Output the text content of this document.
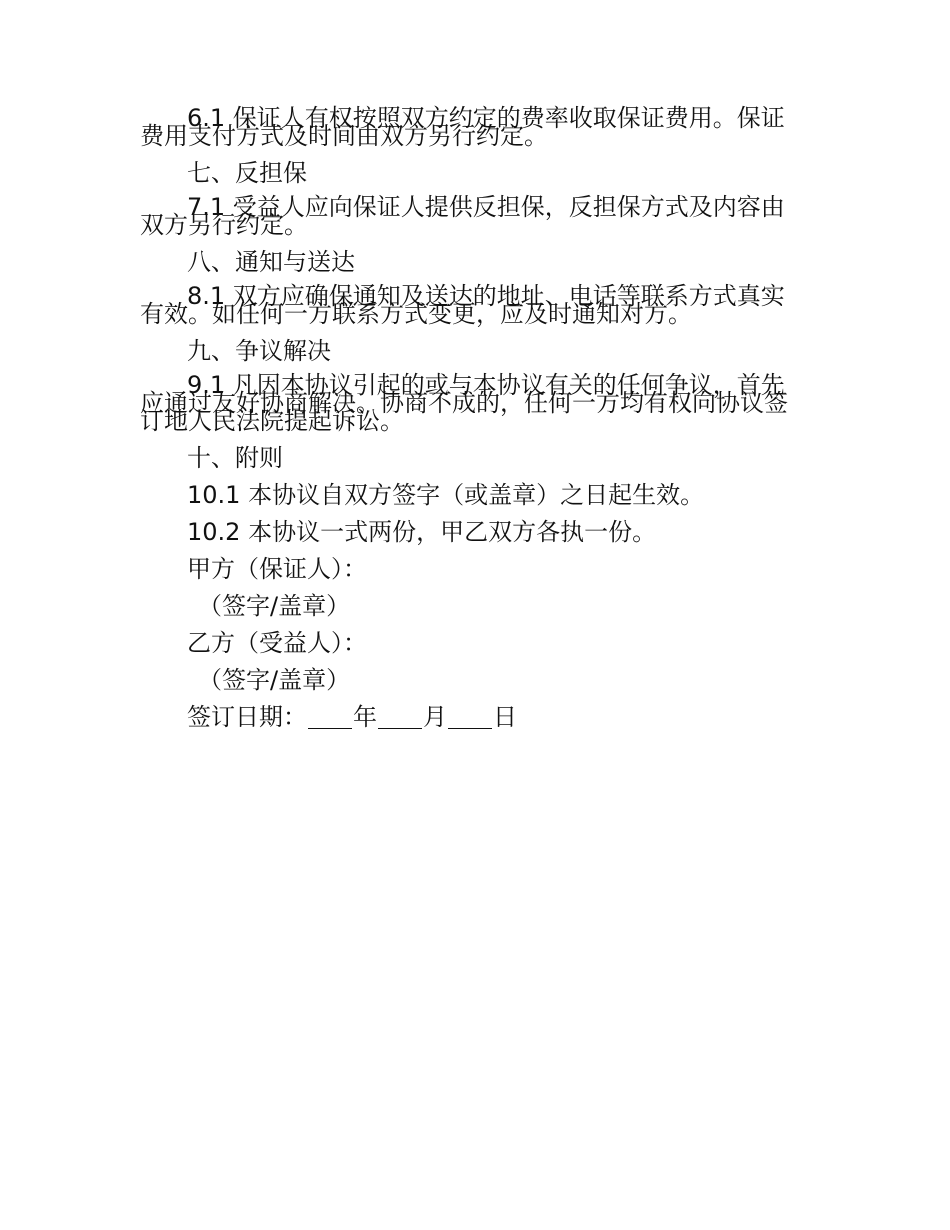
6.1 保证人有权按照双方约定的费率收取保证费用。保证费用支付方式及时间由双方另行约定。

七、反担保

7.1 受益人应向保证人提供反担保，反担保方式及内容由双方另行约定。

八、通知与送达

8.1 双方应确保通知及送达的地址、电话等联系方式真实有效。如任何一方联系方式变更，应及时通知对方。

九、争议解决

9.1 凡因本协议引起的或与本协议有关的任何争议，首先应通过友好协商解决。协商不成的，任何一方均有权向协议签订地人民法院提起诉讼。

十、附则
10.1 本协议自双方签字（或盖章）之日起生效。
10.2 本协议一式两份，甲乙双方各执一份。
甲方（保证人）：
（签字/盖章）
乙方（受益人）：
（签字/盖章）
签订日期： 年 月 日
